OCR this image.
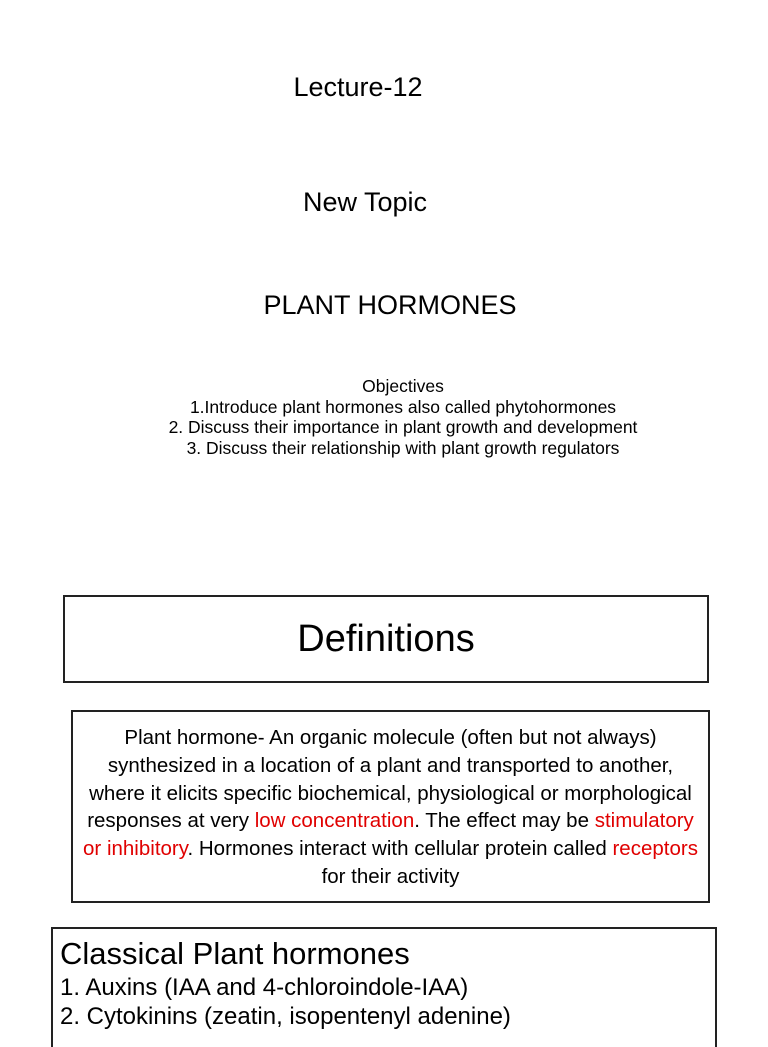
Lecture-12
New Topic
PLANT HORMONES
Objectives
1.Introduce plant hormones also called phytohormones
2. Discuss their importance in plant growth and development
3. Discuss their relationship with plant growth regulators
Definitions
Plant hormone- An organic molecule (often but not always) synthesized in a location of a plant and transported to another, where it elicits specific biochemical, physiological or morphological responses at very low concentration. The effect may be stimulatory or inhibitory. Hormones interact with cellular protein called receptors for their activity
Classical Plant hormones
1. Auxins (IAA and 4-chloroindole-IAA)
2. Cytokinins (zeatin, isopentenyl adenine)
